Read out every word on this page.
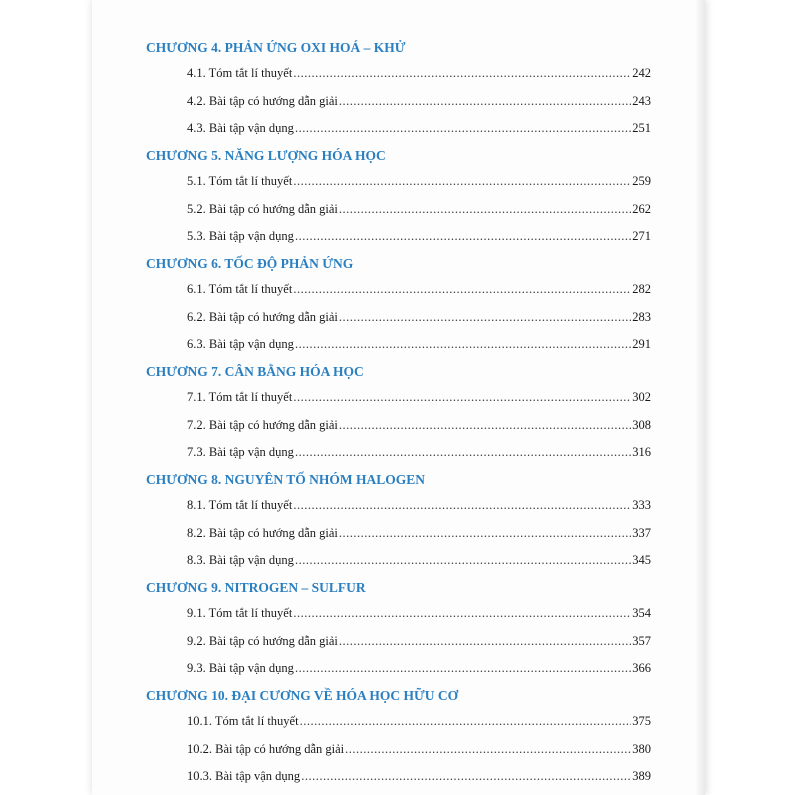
CHƯƠNG 4. PHẢN ỨNG OXI HOÁ – KHỬ
4.1. Tóm tắt lí thuyết .....	242
4.2. Bài tập có hướng dẫn giải .....	243
4.3. Bài tập vận dụng .....	251
CHƯƠNG 5. NĂNG LƯỢNG HÓA HỌC
5.1. Tóm tắt lí thuyết .....	259
5.2. Bài tập có hướng dẫn giải .....	262
5.3. Bài tập vận dụng .....	271
CHƯƠNG 6. TỐC ĐỘ PHẢN ỨNG
6.1. Tóm tắt lí thuyết .....	282
6.2. Bài tập có hướng dẫn giải .....	283
6.3. Bài tập vận dụng .....	291
CHƯƠNG 7. CÂN BẰNG HÓA HỌC
7.1. Tóm tắt lí thuyết .....	302
7.2. Bài tập có hướng dẫn giải .....	308
7.3. Bài tập vận dụng .....	316
CHƯƠNG 8. NGUYÊN TỐ NHÓM HALOGEN
8.1. Tóm tắt lí thuyết .....	333
8.2. Bài tập có hướng dẫn giải .....	337
8.3. Bài tập vận dụng .....	345
CHƯƠNG 9. NITROGEN – SULFUR
9.1. Tóm tắt lí thuyết .....	354
9.2. Bài tập có hướng dẫn giải .....	357
9.3. Bài tập vận dụng .....	366
CHƯƠNG 10. ĐẠI CƯƠNG VỀ HÓA HỌC HỮU CƠ
10.1. Tóm tắt lí thuyết .....	375
10.2. Bài tập có hướng dẫn giải .....	380
10.3. Bài tập vận dụng .....	389
